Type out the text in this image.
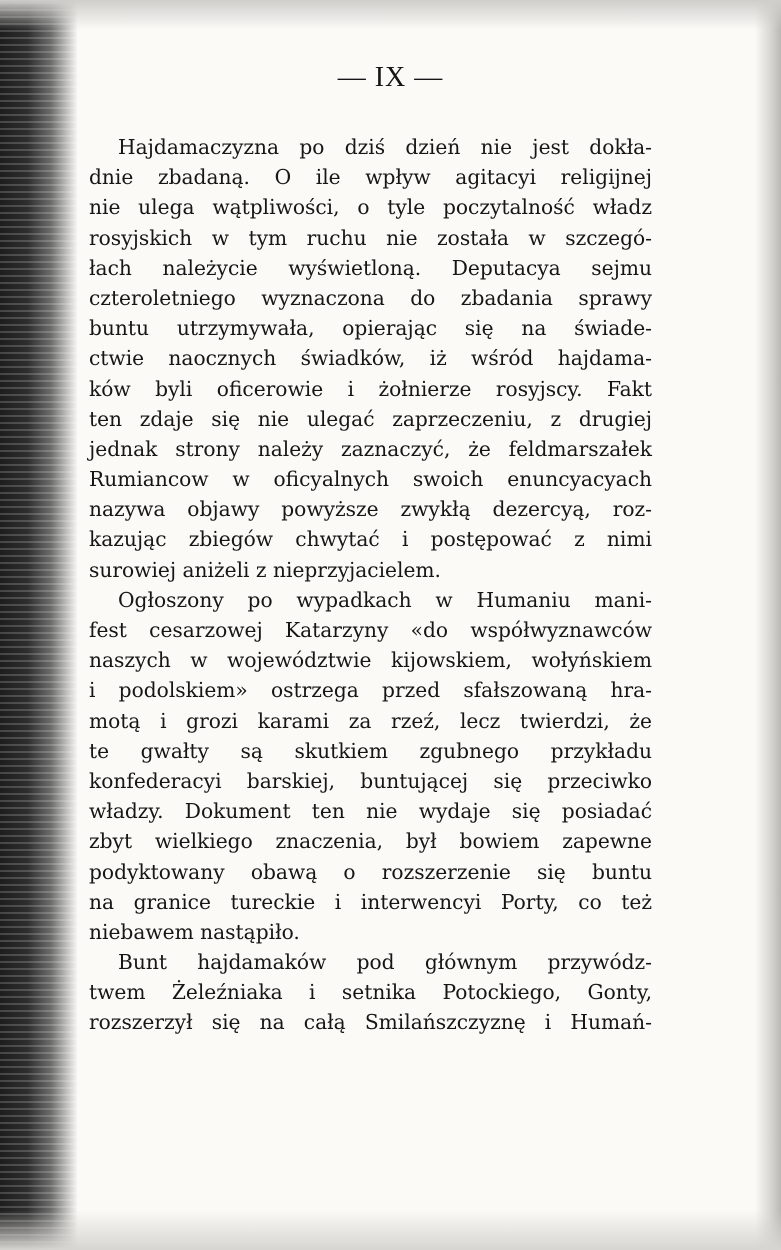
— IX —
Hajdamaczyzna po dziś dzień nie jest dokła-
dnie zbadaną. O ile wpływ agitacyi religijnej
nie ulega wątpliwości, o tyle poczytalność władz
rosyjskich w tym ruchu nie została w szczegó-
łach należycie wyświetloną. Deputacya sejmu
czteroletniego wyznaczona do zbadania sprawy
buntu utrzymywała, opierając się na świade-
ctwie naocznych świadków, iż wśród hajdama-
ków byli oficerowie i żołnierze rosyjscy. Fakt
ten zdaje się nie ulegać zaprzeczeniu, z drugiej
jednak strony należy zaznaczyć, że feldmarszałek
Rumiancow w oficyalnych swoich enuncyacyach
nazywa objawy powyższe zwykłą dezercyą, roz-
kazując zbiegów chwytać i postępować z nimi
surowiej aniżeli z nieprzyjacielem.
Ogłoszony po wypadkach w Humaniu mani-
fest cesarzowej Katarzyny «do współwyznawców
naszych w województwie kijowskiem, wołyńskiem
i podolskiem» ostrzega przed sfałszowaną hra-
motą i grozi karami za rzeź, lecz twierdzi, że
te gwałty są skutkiem zgubnego przykładu
konfederacyi barskiej, buntującej się przeciwko
władzy. Dokument ten nie wydaje się posiadać
zbyt wielkiego znaczenia, był bowiem zapewne
podyktowany obawą o rozszerzenie się buntu
na granice tureckie i interwencyi Porty, co też
niebawem nastąpiło.
Bunt hajdamaków pod głównym przywódz-
twem Żeleźniaka i setnika Potockiego, Gonty,
rozszerzył się na całą Smilańszczyznę i Humań-
